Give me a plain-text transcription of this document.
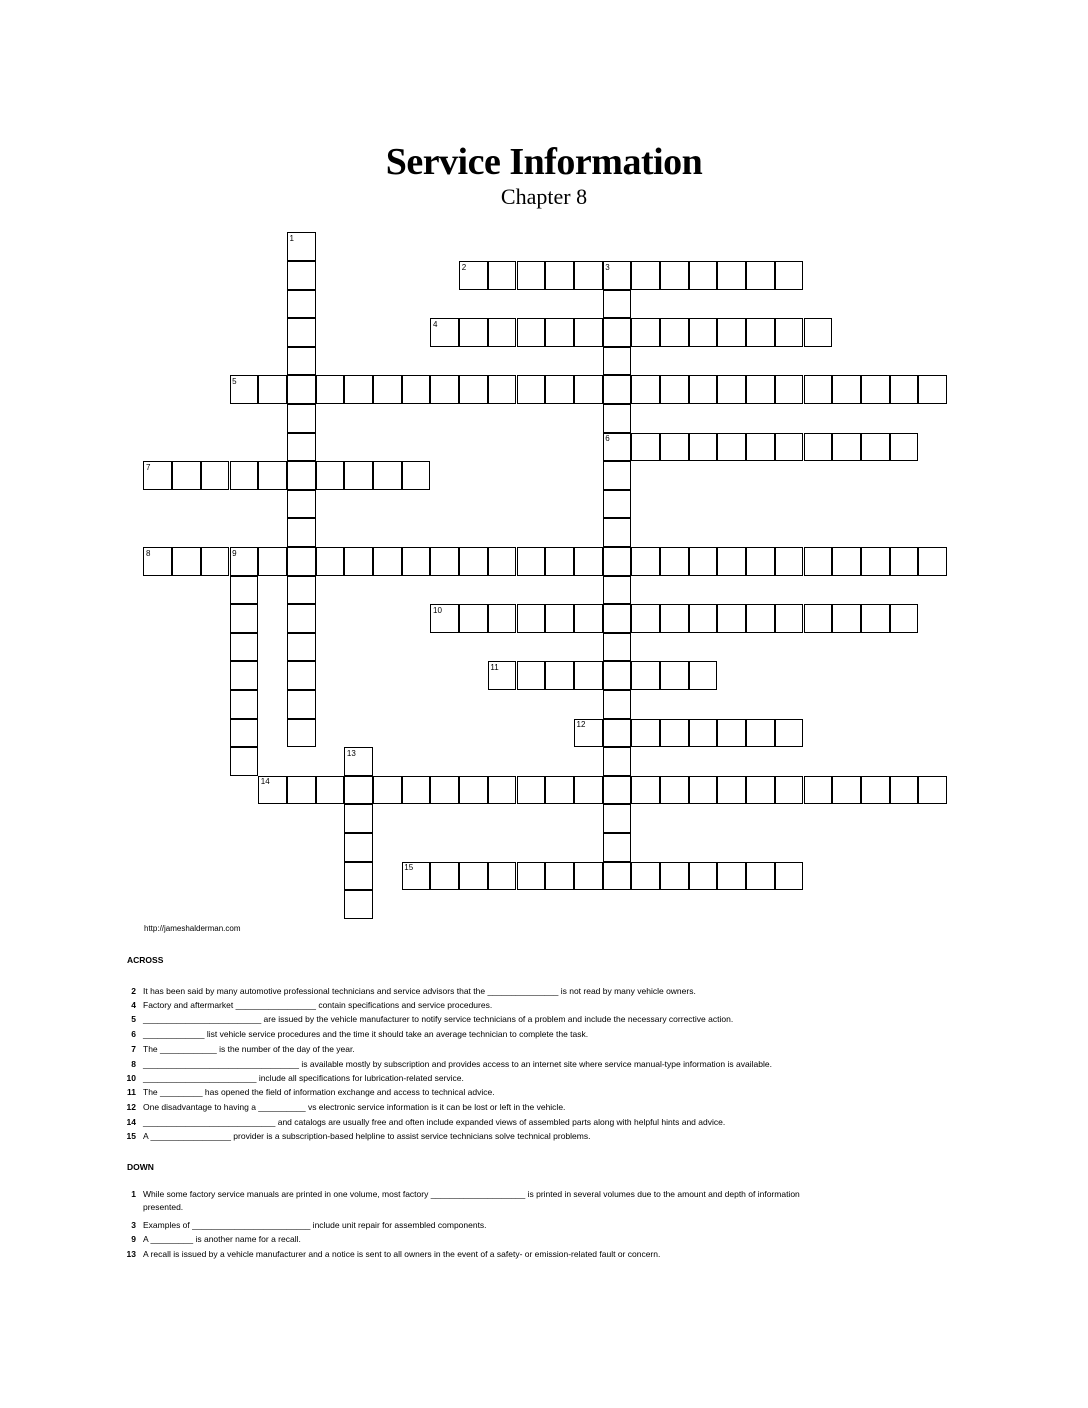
Service Information
Chapter 8
1
2	3
4
5
6
7
8	9
10
11
12
13
14
15
http://jameshalderman.com
ACROSS
2 It has been said by many automotive professional technicians and service advisors that the _______________ is not read by many vehicle owners.
4 Factory and aftermarket _________________ contain specifications and service procedures.
5 _________________________ are issued by the vehicle manufacturer to notify service technicians of a problem and include the necessary corrective action.
6 _____________ list vehicle service procedures and the time it should take an average technician to complete the task.
7 The ____________ is the number of the day of the year.
8 _________________________________ is available mostly by subscription and provides access to an internet site where service manual-type information is available.
10 ________________________ include all specifications for lubrication-related service.
11 The _________ has opened the field of information exchange and access to technical advice.
12 One disadvantage to having a __________ vs electronic service information is it can be lost or left in the vehicle.
14 ____________________________ and catalogs are usually free and often include expanded views of assembled parts along with helpful hints and advice.
15 A _________________ provider is a subscription-based helpline to assist service technicians solve technical problems.
DOWN
1 While some factory service manuals are printed in one volume, most factory ____________________ is printed in several volumes due to the amount and depth of information presented.
3 Examples of _________________________ include unit repair for assembled components.
9 A _________ is another name for a recall.
13 A recall is issued by a vehicle manufacturer and a notice is sent to all owners in the event of a safety- or emission-related fault or concern.
